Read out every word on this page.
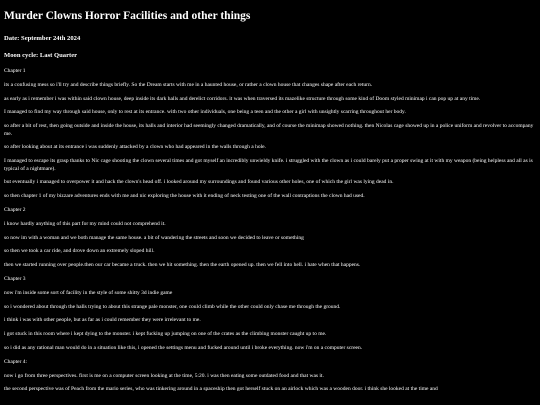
Murder Clowns Horror Facilities and other things
Date: September 24th 2024
Moon cycle: Last Quarter

Chapter 1

its a confusing mess so i'll try and describe things briefly. So the Dream starts with me in a haunted house, or rather a clown house that changes shape after each return.

as early as i remember i was within said clown house, deep inside its dark halls and derelict corridors. it was when traversed its mazelike structure through some kind of Doom styled minimap i can pop up at any time.

I managed to find my way through said house, only to rest at its entrance. with two other individuals, one being a teen and the other a girl with unsightly scarring throughout her body.

so after a bit of rest, then going outside and inside the house, its halls and interior had seemingly changed dramatically, and of course the minimap showed nothing. then Nicolas cage showed up in a police uniform and revolver to accompany me.

so after looking about at its entrance i was suddenly attacked by a clown who had appeared in the walls through a hole.

I managed to escape its grasp thanks to Nic cage shooting the clown several times and got myself an incredibly unwieldy knife. i struggled with the clown as i could barely put a proper swing at it with my weapon (being helpless and all as is typical of a nightmare).

but eventually i managed to overpower it and hack the clown's head off. i looked around my surroundings and found various other holes, one of which the girl was lying dead in.

so then chapter 1 of my bizzare adventures ends with me and nic exploring the house with it ending of neck testing one of the wall contraptions the clown had used.

Chapter 2

i know hardly anything of this part for my mind could not comprehend it.

so now im with a woman and we both manage the same house. a bit of wandering the streets and soon we decided to leave or something

so then we took a car ride, and drove down an extremely sloped hill.

then we started running over people.then our car became a truck. then we hit something. then the earth opened up. then we fell into hell. i hate when that happens.

Chapter 3

now i'm inside some sort of facility in the style of some shitty 3d indie game

so i wondered about through the halls trying to about this strange pale monster, one could climb while the other could only chase me through the ground.

i think i was with other people, but as far as i could remember they were irrelevant to me.

i got stuck in this room where i kept dying to the monster. i kept fucking up jumping on one of the crates as the climbing monster caught up to me.

so i did as any rational man would do in a situation like this, i opened the settings menu and fucked around until i broke everything. now i'm on a computer screen.

Chapter 4:

now i go from three perspectives. first is me on a computer screen looking at the time, 5:20. i was then eating some outdated food and that was it.

the second perspective was of Peach from the mario series, who was tinkering around in a spaceship then got herself stuck on an airlock which was a wooden door. i think she looked at the time and
